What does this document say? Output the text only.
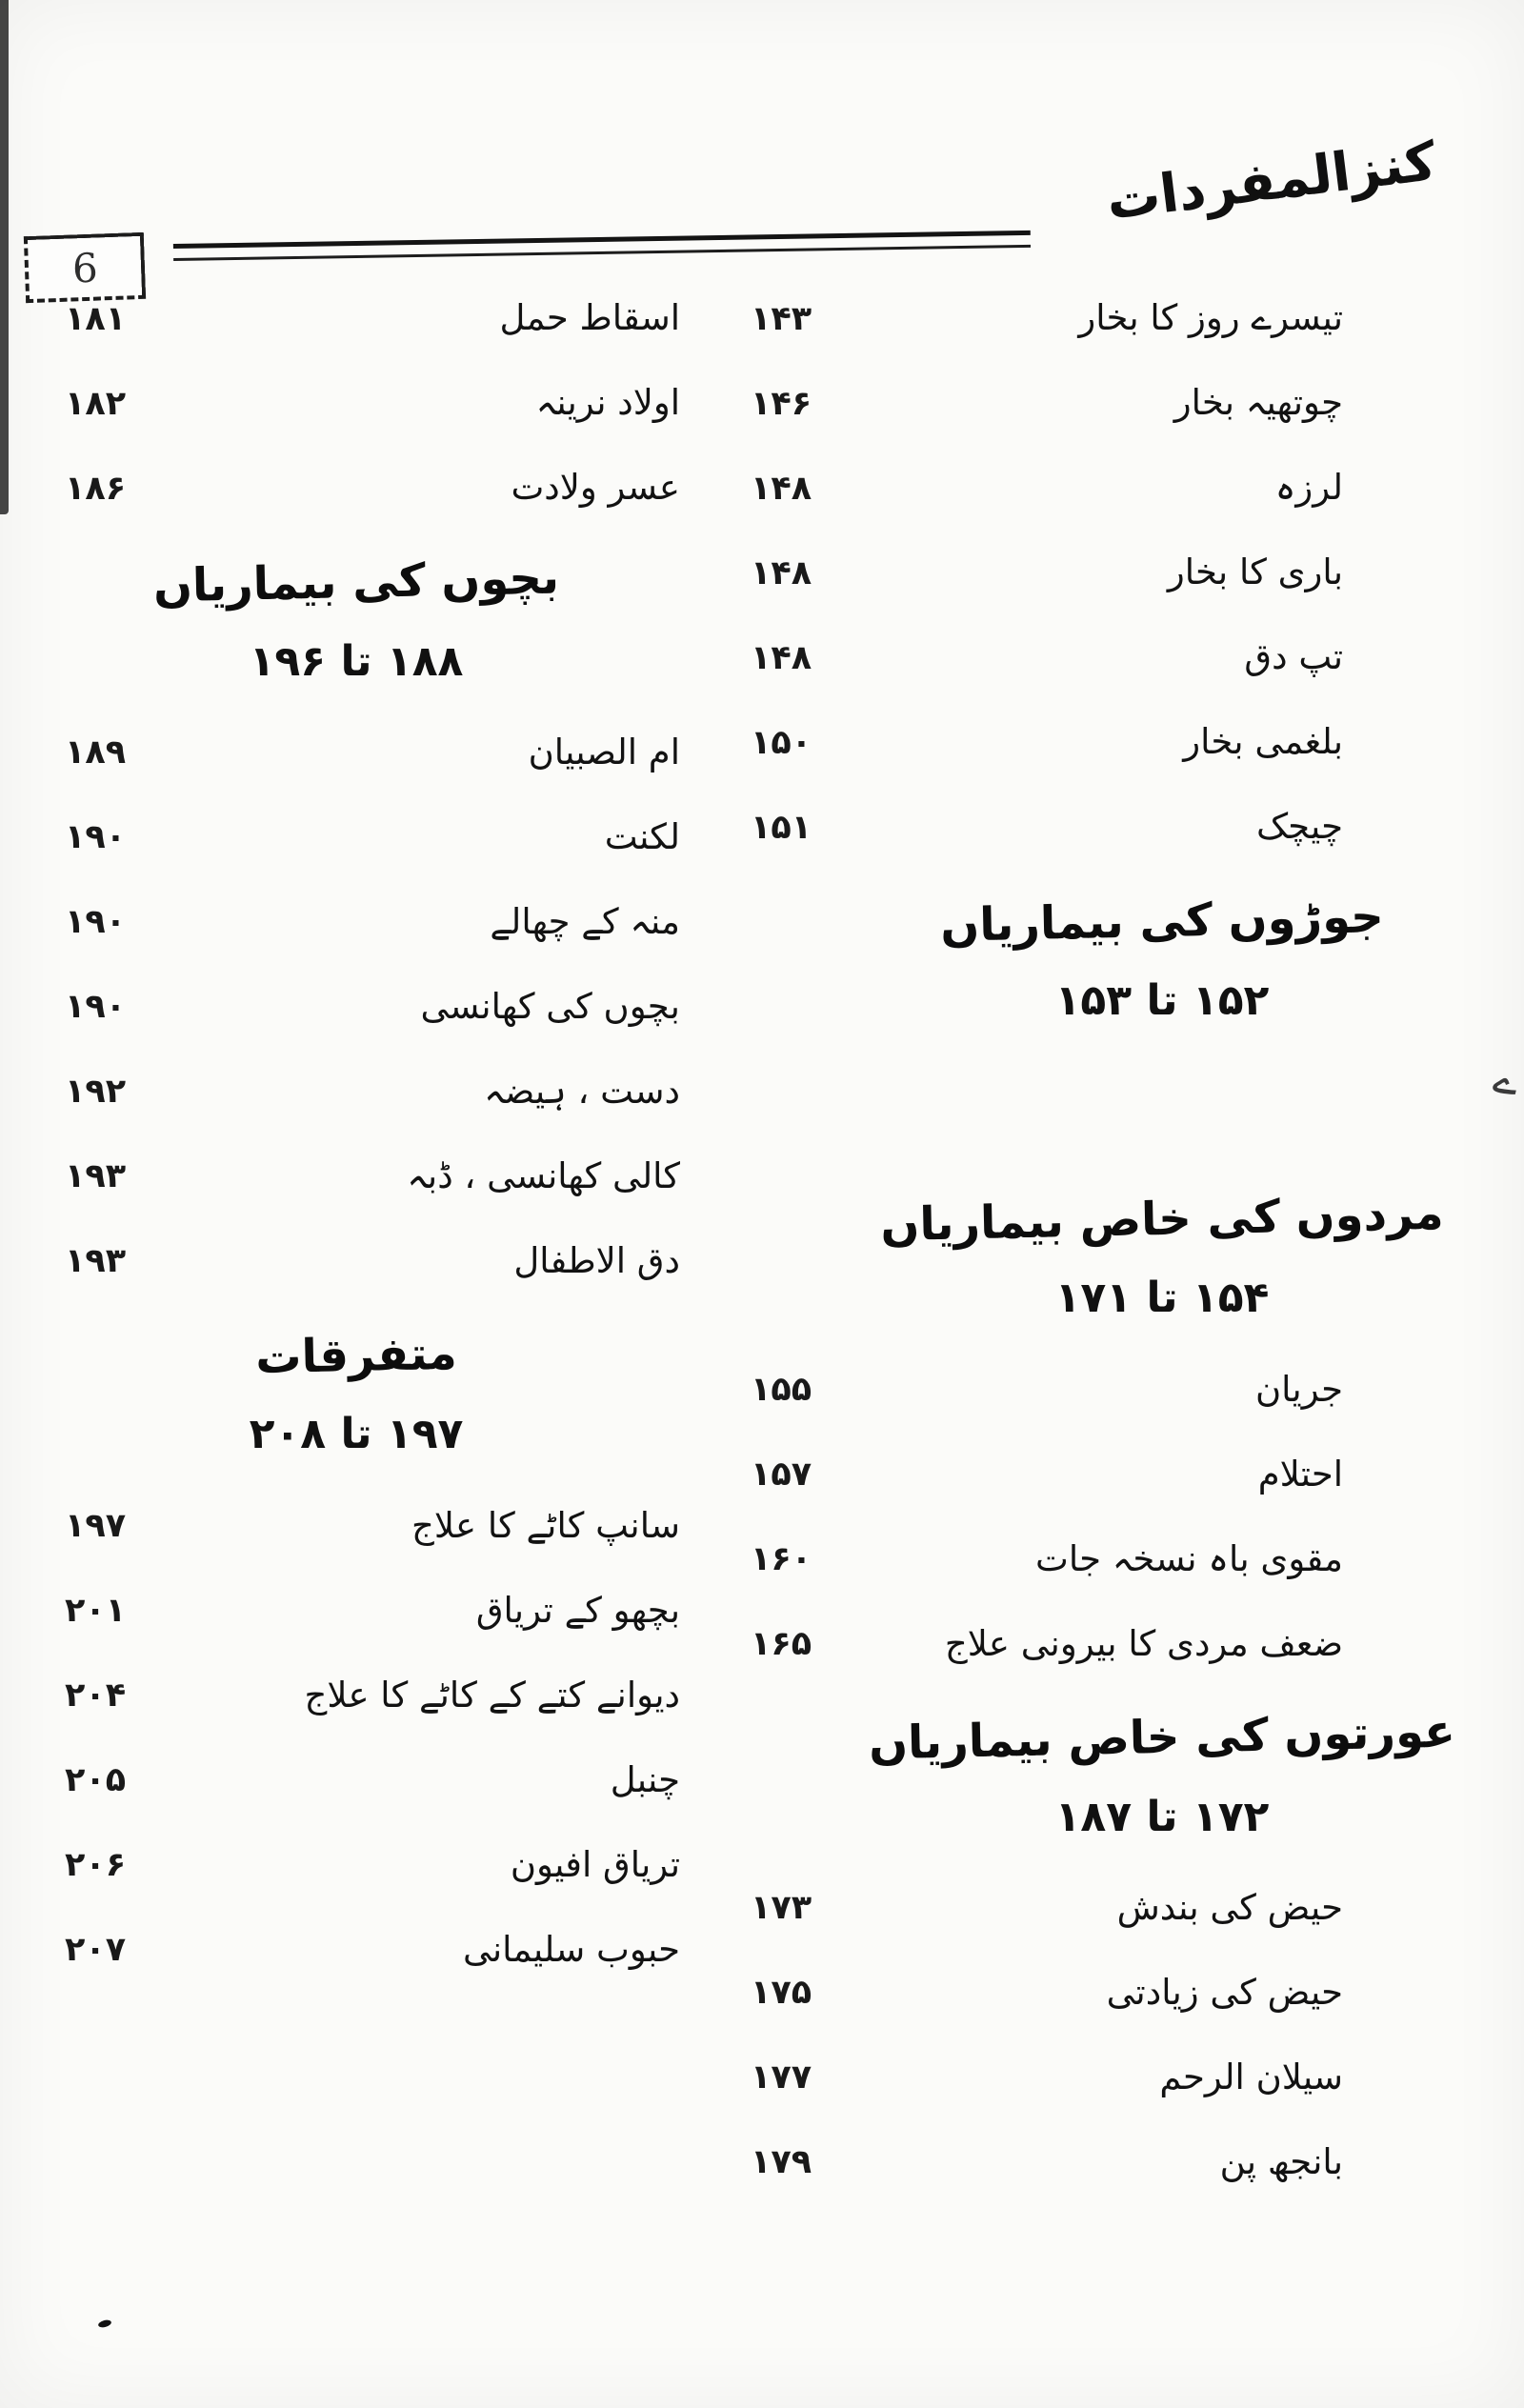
ے
6
کنزالمفردات
۱۴۳	تیسرے روز کا بخار
۱۴۶	چوتھیہ بخار
۱۴۸	لرزہ
۱۴۸	باری کا بخار
۱۴۸	تپ دق
۱۵۰	بلغمی بخار
۱۵۱	چیچک
جوڑوں کی بیماریاں
۱۵۲ تا ۱۵۳
مردوں کی خاص بیماریاں
۱۵۴ تا ۱۷۱
۱۵۵	جریان
۱۵۷	احتلام
۱۶۰	مقوی باہ نسخہ جات
۱۶۵	ضعف مردی کا بیرونی علاج
عورتوں کی خاص بیماریاں
۱۷۲ تا ۱۸۷
۱۷۳	حیض کی بندش
۱۷۵	حیض کی زیادتی
۱۷۷	سیلان الرحم
۱۷۹	بانجھ پن
۱۸۱	اسقاط حمل
۱۸۲	اولاد نرینہ
۱۸۶	عسر ولادت
بچوں کی بیماریاں
۱۸۸ تا ۱۹۶
۱۸۹	ام الصبیان
۱۹۰	لکنت
۱۹۰	منہ کے چھالے
۱۹۰	بچوں کی کھانسی
۱۹۲	دست ، ہیضہ
۱۹۳	کالی کھانسی ، ڈبہ
۱۹۳	دق الاطفال
متفرقات
۱۹۷ تا ۲۰۸
۱۹۷	سانپ کاٹے کا علاج
۲۰۱	بچھو کے تریاق
۲۰۴	دیوانے کتے کے کاٹے کا علاج
۲۰۵	چنبل
۲۰۶	تریاق افیون
۲۰۷	حبوب سلیمانی
